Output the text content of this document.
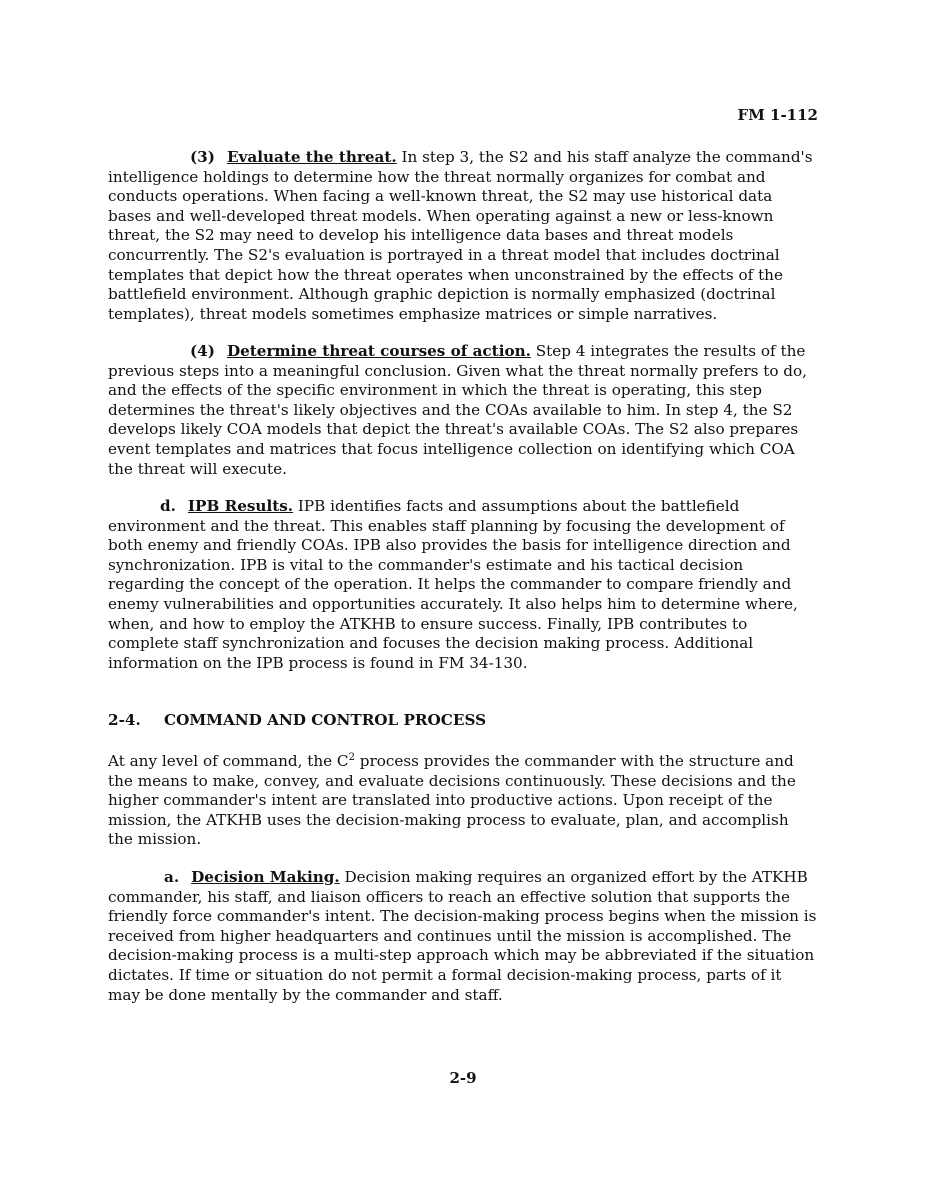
FM 1-112

(3) Evaluate the threat. In step 3, the S2 and his staff analyze the command's intelligence holdings to determine how the threat normally organizes for combat and conducts operations. When facing a well-known threat, the S2 may use historical data bases and well-developed threat models. When operating against a new or less-known threat, the S2 may need to develop his intelligence data bases and threat models concurrently. The S2's evaluation is portrayed in a threat model that includes doctrinal templates that depict how the threat operates when unconstrained by the effects of the battlefield environment. Although graphic depiction is normally emphasized (doctrinal templates), threat models sometimes emphasize matrices or simple narratives.

(4) Determine threat courses of action. Step 4 integrates the results of the previous steps into a meaningful conclusion. Given what the threat normally prefers to do, and the effects of the specific environment in which the threat is operating, this step determines the threat's likely objectives and the COAs available to him. In step 4, the S2 develops likely COA models that depict the threat's available COAs. The S2 also prepares event templates and matrices that focus intelligence collection on identifying which COA the threat will execute.

d. IPB Results. IPB identifies facts and assumptions about the battlefield environment and the threat. This enables staff planning by focusing the development of both enemy and friendly COAs. IPB also provides the basis for intelligence direction and synchronization. IPB is vital to the commander's estimate and his tactical decision regarding the concept of the operation. It helps the commander to compare friendly and enemy vulnerabilities and opportunities accurately. It also helps him to determine where, when, and how to employ the ATKHB to ensure success. Finally, IPB contributes to complete staff synchronization and focuses the decision making process. Additional information on the IPB process is found in FM 34-130.

2-4. COMMAND AND CONTROL PROCESS

At any level of command, the $C^2$ process provides the commander with the structure and the means to make, convey, and evaluate decisions continuously. These decisions and the higher commander's intent are translated into productive actions. Upon receipt of the mission, the ATKHB uses the decision-making process to evaluate, plan, and accomplish the mission.

a. Decision Making. Decision making requires an organized effort by the ATKHB commander, his staff, and liaison officers to reach an effective solution that supports the friendly force commander's intent. The decision-making process begins when the mission is received from higher headquarters and continues until the mission is accomplished. The decision-making process is a multi-step approach which may be abbreviated if the situation dictates. If time or situation do not permit a formal decision-making process, parts of it may be done mentally by the commander and staff.

2-9
